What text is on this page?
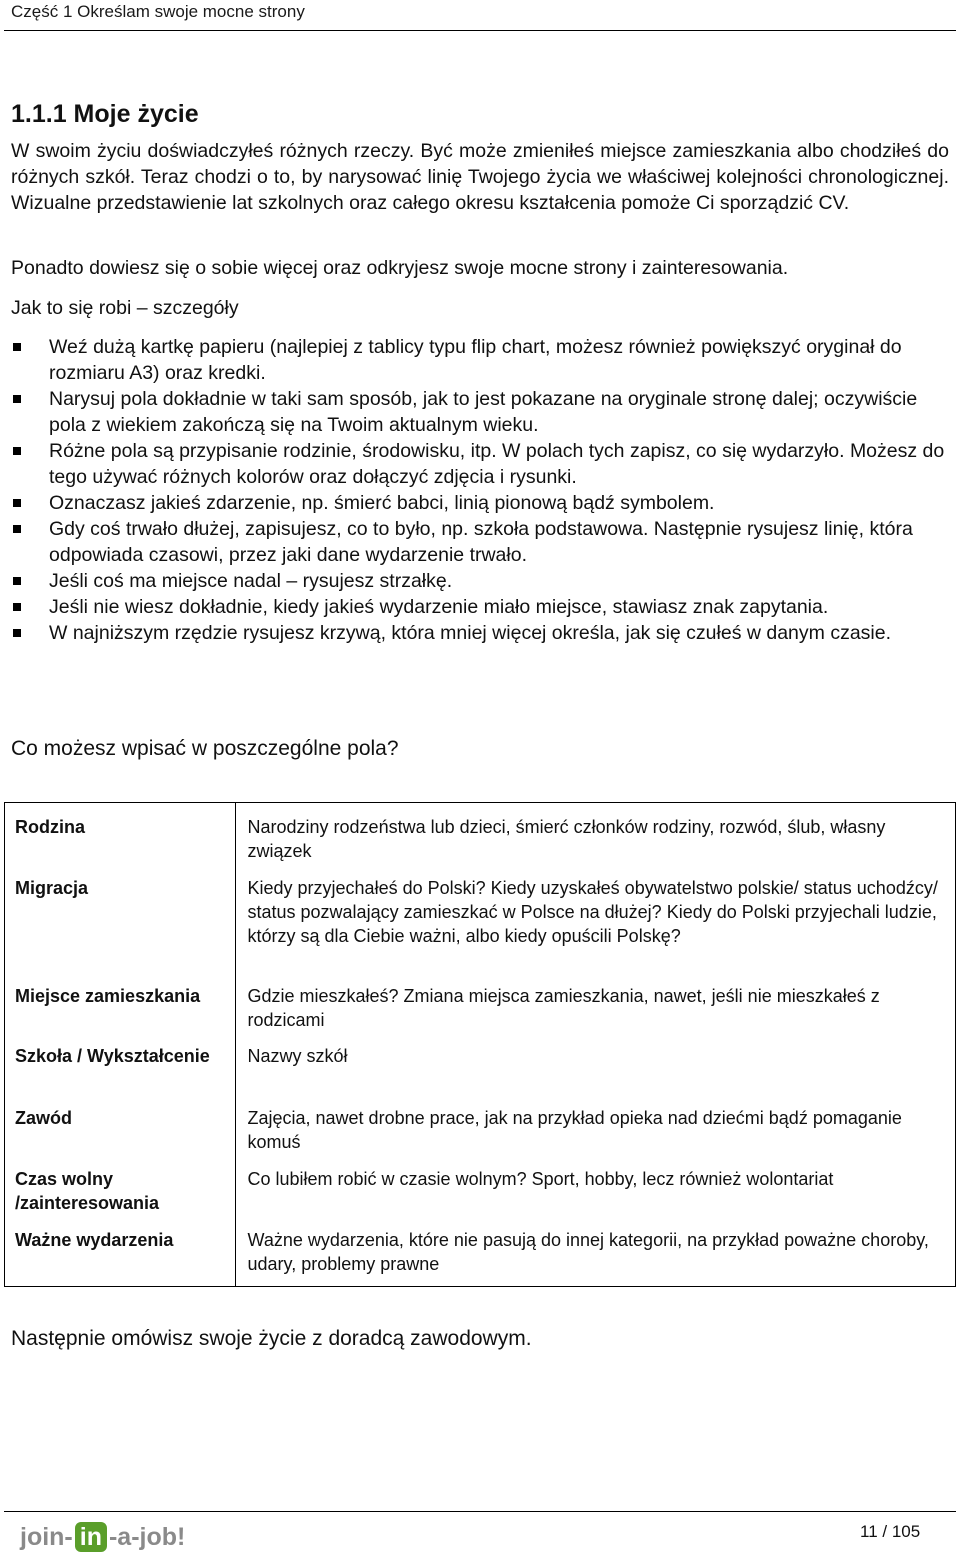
Część 1 Określam swoje mocne strony
1.1.1 Moje życie

W swoim życiu doświadczyłeś różnych rzeczy. Być może zmieniłeś miejsce zamieszkania albo chodziłeś do różnych szkół. Teraz chodzi o to, by narysować linię Twojego życia we właściwej kolejności chronologicznej. Wizualne przedstawienie lat szkolnych oraz całego okresu kształcenia pomoże Ci sporządzić CV.

Ponadto dowiesz się o sobie więcej oraz odkryjesz swoje mocne strony i zainteresowania.

Jak to się robi – szczegóły

Weź dużą kartkę papieru (najlepiej z tablicy typu flip chart, możesz również powiększyć oryginał do rozmiaru A3) oraz kredki.
Narysuj pola dokładnie w taki sam sposób, jak to jest pokazane na oryginale stronę dalej; oczywiście pola z wiekiem zakończą się na Twoim aktualnym wieku.
Różne pola są przypisanie rodzinie, środowisku, itp. W polach tych zapisz, co się wydarzyło. Możesz do tego używać różnych kolorów oraz dołączyć zdjęcia i rysunki.
Oznaczasz jakieś zdarzenie, np. śmierć babci, linią pionową bądź symbolem.
Gdy coś trwało dłużej, zapisujesz, co to było, np. szkoła podstawowa. Następnie rysujesz linię, która odpowiada czasowi, przez jaki dane wydarzenie trwało.
Jeśli coś ma miejsce nadal – rysujesz strzałkę.
Jeśli nie wiesz dokładnie, kiedy jakieś wydarzenie miało miejsce, stawiasz znak zapytania.
W najniższym rzędzie rysujesz krzywą, która mniej więcej określa, jak się czułeś w danym czasie.

Co możesz wpisać w poszczególne pola?

Rodzina	Narodziny rodzeństwa lub dzieci, śmierć członków rodziny, rozwód, ślub, własny związek
Migracja	Kiedy przyjechałeś do Polski? Kiedy uzyskałeś obywatelstwo polskie/ status uchodźcy/ status pozwalający zamieszkać w Polsce na dłużej? Kiedy do Polski przyjechali ludzie, którzy są dla Ciebie ważni, albo kiedy opuścili Polskę?
Miejsce zamieszkania	Gdzie mieszkałeś? Zmiana miejsca zamieszkania, nawet, jeśli nie mieszkałeś z rodzicami
Szkoła / Wykształcenie	Nazwy szkół
Zawód	Zajęcia, nawet drobne prace, jak na przykład opieka nad dziećmi bądź pomaganie komuś
Czas wolny /zainteresowania	Co lubiłem robić w czasie wolnym? Sport, hobby, lecz również wolontariat
Ważne wydarzenia	Ważne wydarzenia, które nie pasują do innej kategorii, na przykład poważne choroby, udary, problemy prawne

Następnie omówisz swoje życie z doradcą zawodowym.

join- in -a-job!	11 / 105
